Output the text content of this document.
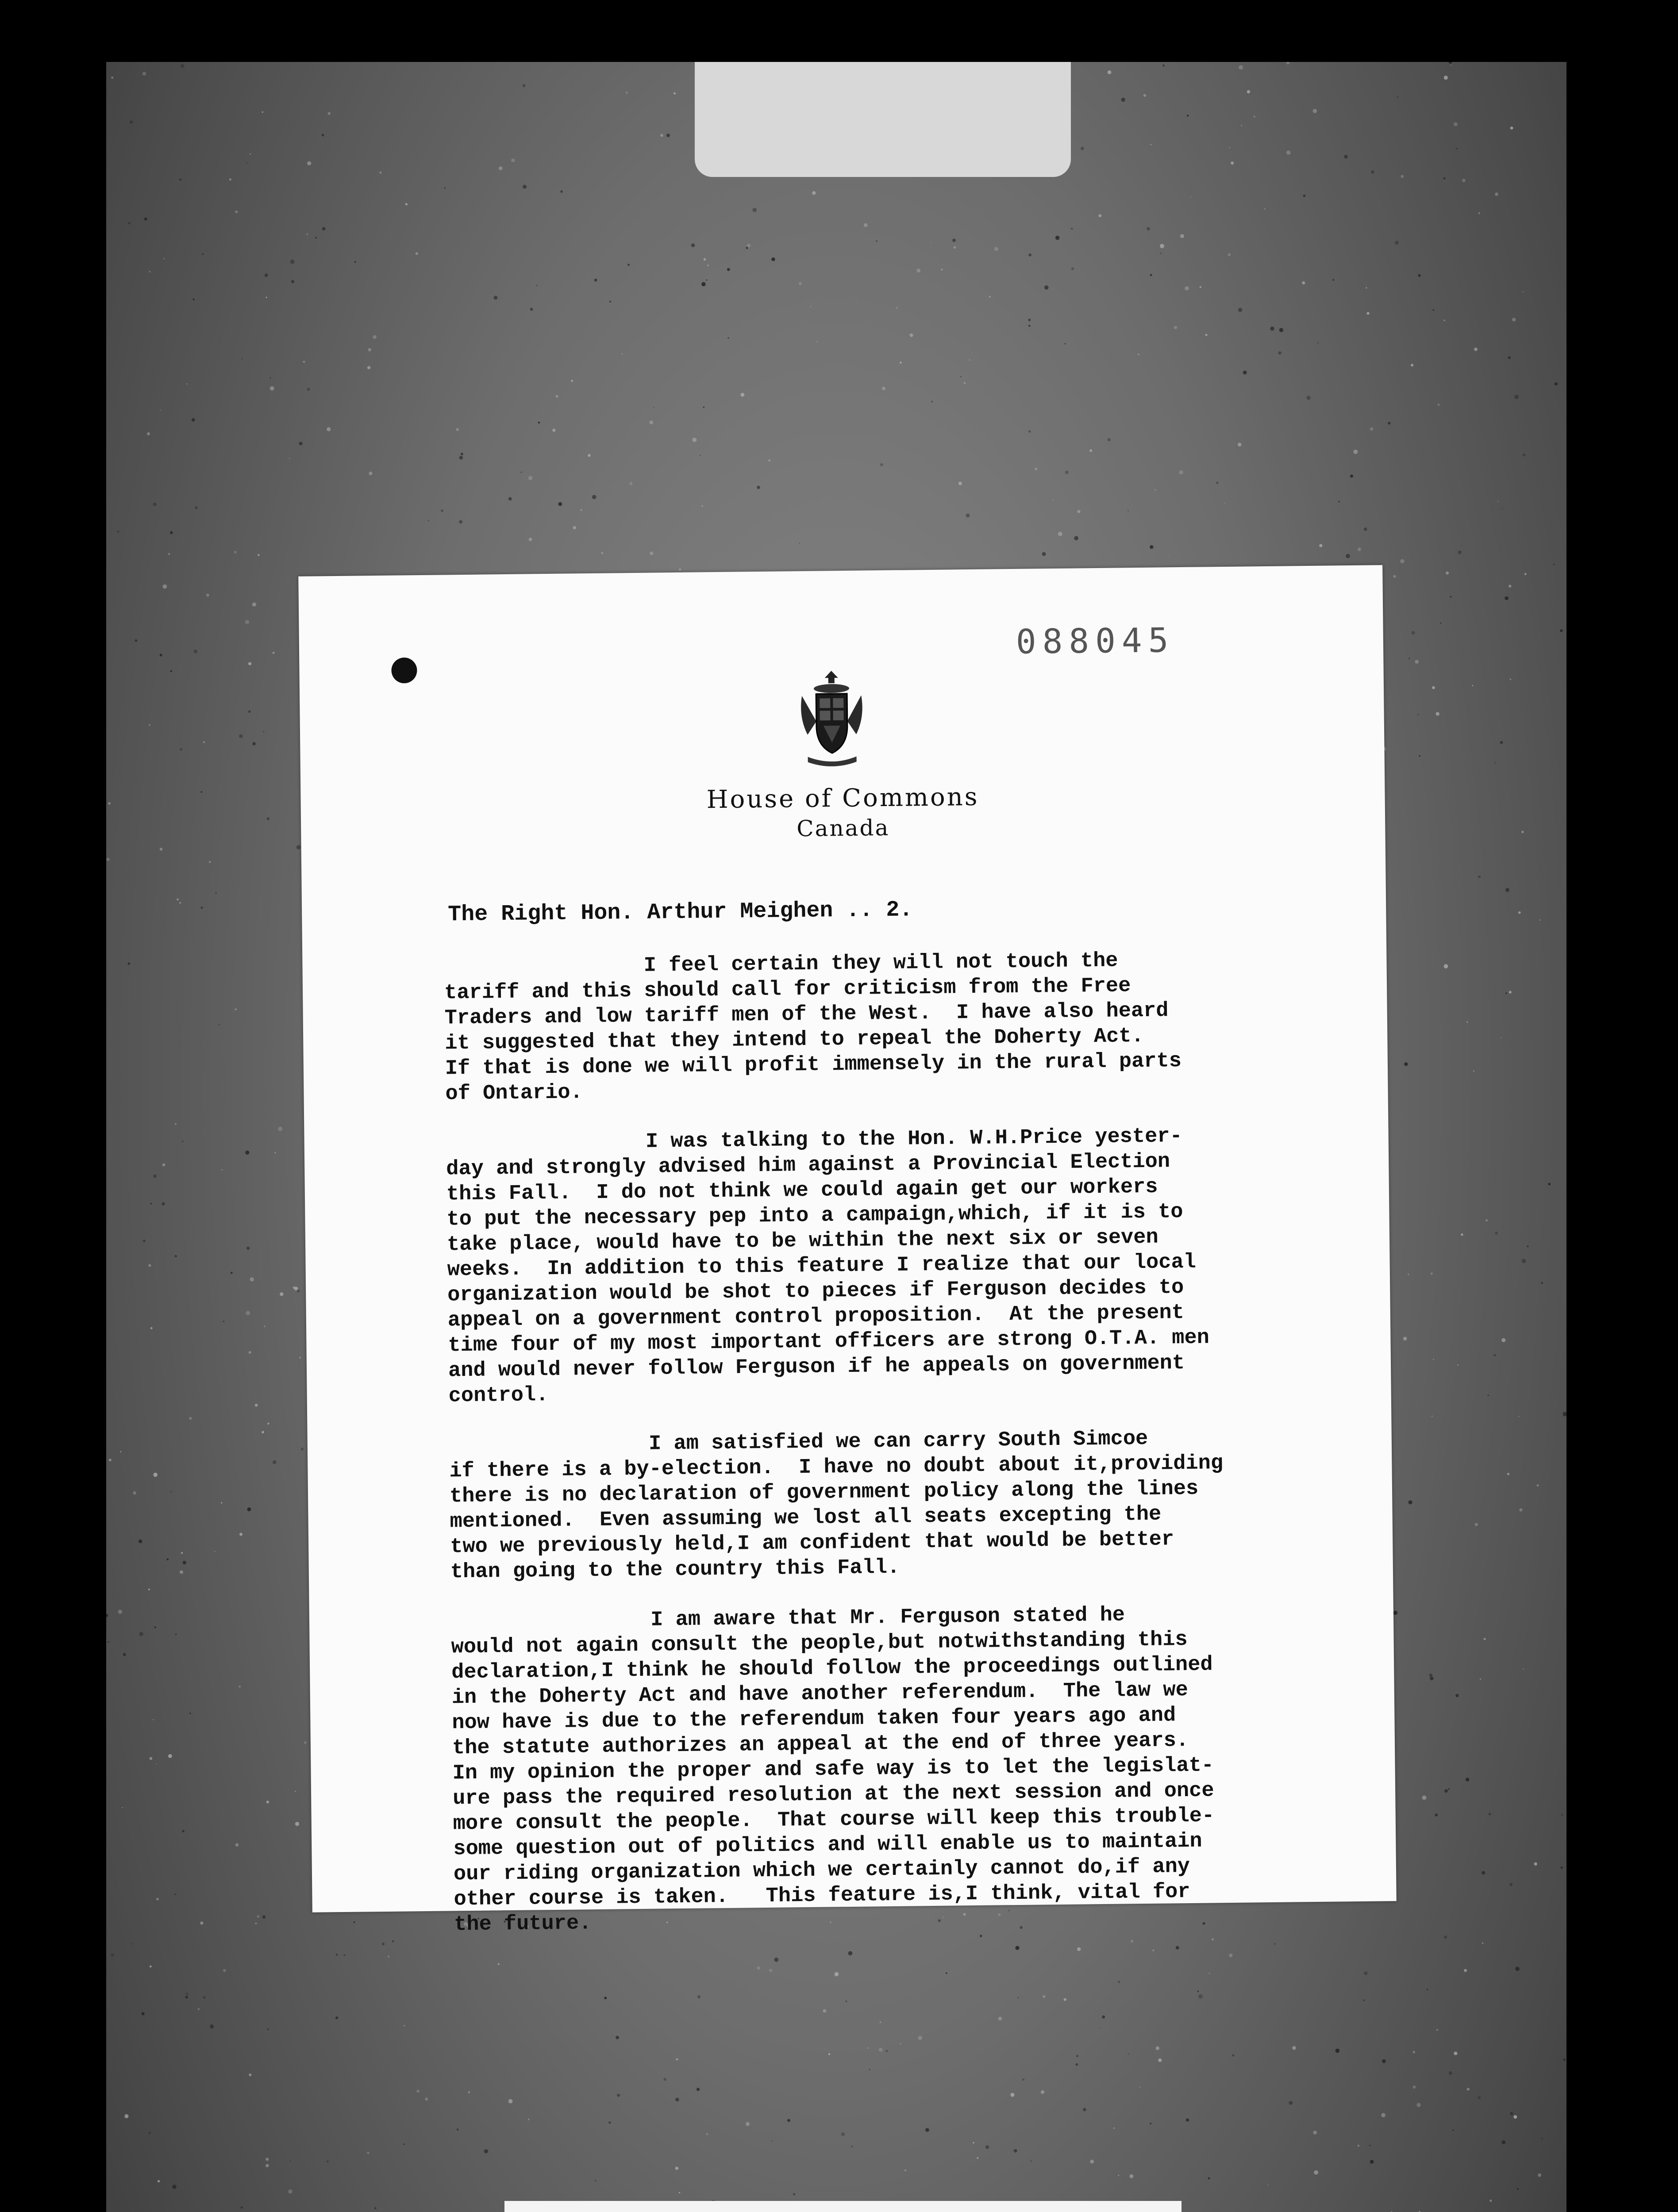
088045
House of Commons
Canada
The Right Hon. Arthur Meighen .. 2.
I feel certain they will not touch the
tariff and this should call for criticism from the Free
Traders and low tariff men of the West.  I have also heard
it suggested that they intend to repeal the Doherty Act.
If that is done we will profit immensely in the rural parts
of Ontario.
I was talking to the Hon. W.H.Price yester-
day and strongly advised him against a Provincial Election
this Fall.  I do not think we could again get our workers
to put the necessary pep into a campaign,which, if it is to
take place, would have to be within the next six or seven
weeks.  In addition to this feature I realize that our local
organization would be shot to pieces if Ferguson decides to
appeal on a government control proposition.  At the present
time four of my most important officers are strong O.T.A. men
and would never follow Ferguson if he appeals on government
control.
I am satisfied we can carry South Simcoe
if there is a by-election.  I have no doubt about it,providing
there is no declaration of government policy along the lines
mentioned.  Even assuming we lost all seats excepting the
two we previously held,I am confident that would be better
than going to the country this Fall.
I am aware that Mr. Ferguson stated he
would not again consult the people,but notwithstanding this
declaration,I think he should follow the proceedings outlined
in the Doherty Act and have another referendum.  The law we
now have is due to the referendum taken four years ago and
the statute authorizes an appeal at the end of three years.
In my opinion the proper and safe way is to let the legislat-
ure pass the required resolution at the next session and once
more consult the people.  That course will keep this trouble-
some question out of politics and will enable us to maintain
our riding organization which we certainly cannot do,if any
other course is taken.   This feature is,I think, vital for
the future.
